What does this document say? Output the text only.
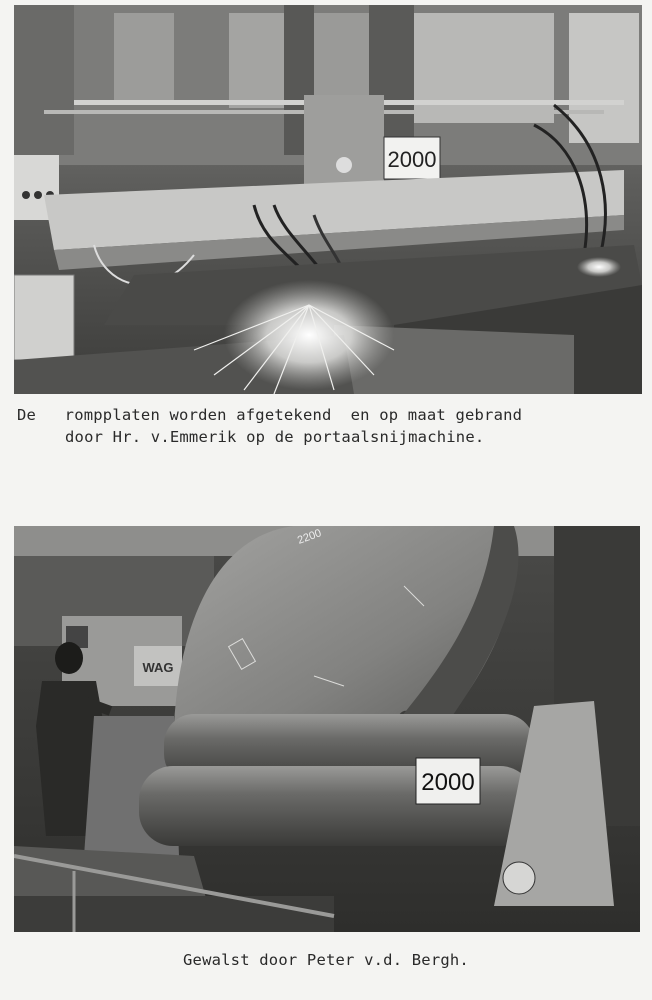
2000
De   rompplaten worden afgetekend  en op maat gebrand
door Hr. v.Emmerik op de portaalsnijmachine.
WAG
2200
2000
Gewalst door Peter v.d. Bergh.
